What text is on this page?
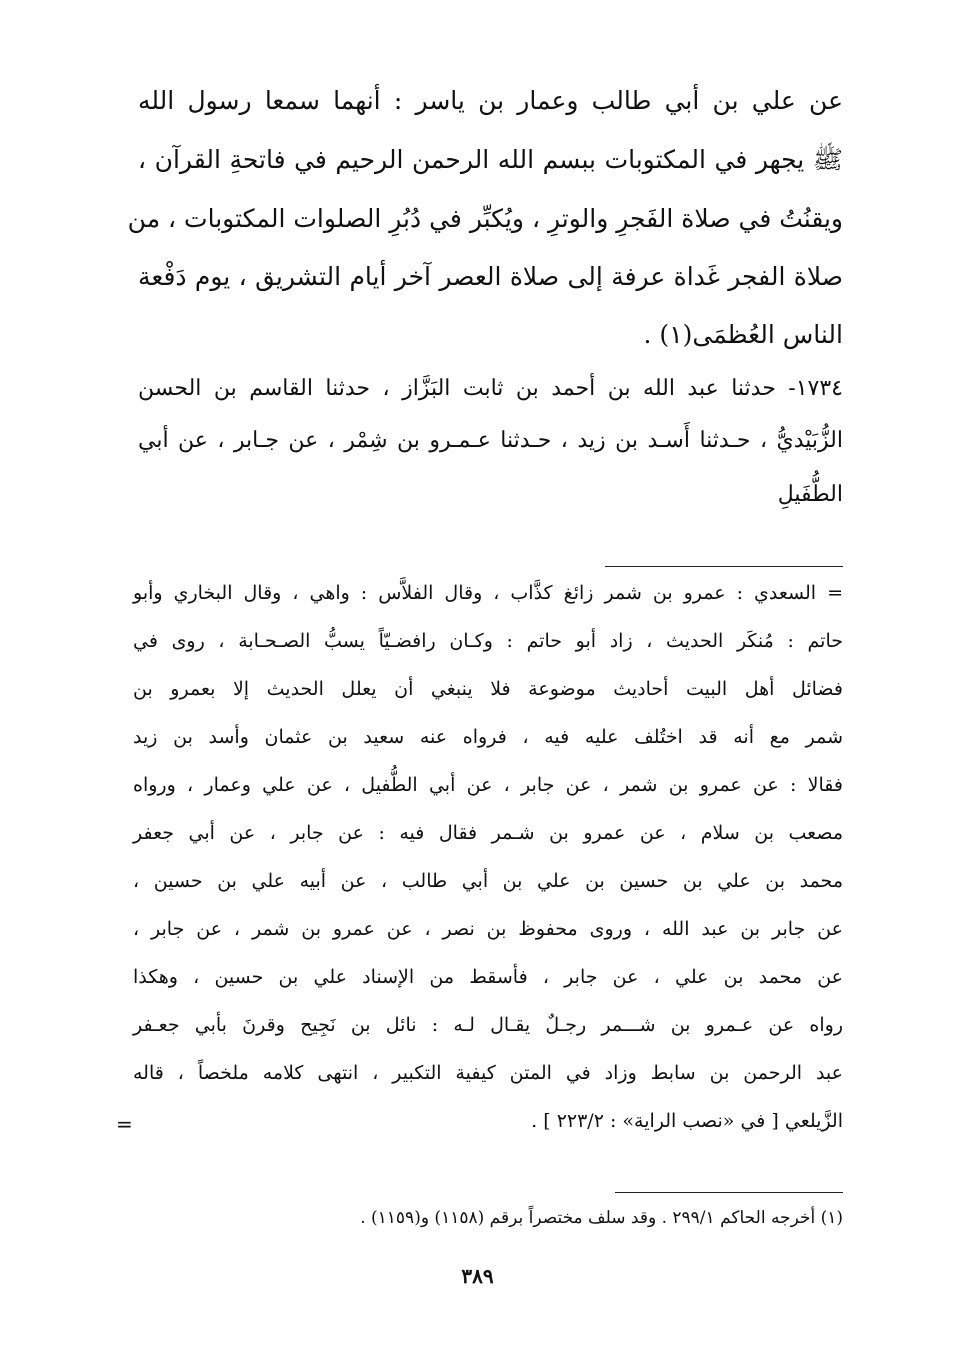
عن علي بن أبي طالب وعمار بن ياسر : أنهما سمعا رسول الله
ﷺ يجهر في المكتوبات ببسم الله الرحمن الرحيم في فاتحةِ القرآن ،
ويقنُتُ في صلاة الفَجرِ والوترِ ، ويُكبِّر في دُبُرِ الصلوات المكتوبات ، من
صلاة الفجر غَداة عرفة إلى صلاة العصر آخر أيام التشريق ، يوم دَفْعة
الناس العُظمَى(١) .
١٧٣٤- حدثنا عبد الله بن أحمد بن ثابت البَزَّاز ، حدثنا القاسم بن الحسن
الزُّبَيْديُّ ، حـدثنا أَسـد بن زيد ، حـدثنا عـمـرو بن شِمْر ، عن جـابر ، عن أبي
الطُّفَيلِ
= السعدي : عمرو بن شمر زائغ كذَّاب ، وقال الفلاَّس : واهي ، وقال البخاري وأبو
حاتم : مُنكَر الحديث ، زاد أبو حاتم : وكـان رافضـيّاً يسبُّ الصـحـابة ، روى في
فضائل أهل البيت أحاديث موضوعة فلا ينبغي أن يعلل الحديث إلا بعمرو بن
شمر مع أنه قد اختُلف عليه فيه ، فرواه عنه سعيد بن عثمان وأسد بن زيد
فقالا : عن عمرو بن شمر ، عن جابر ، عن أبي الطُّفيل ، عن علي وعمار ، ورواه
مصعب بن سلام ، عن عمرو بن شـمر فقال فيه : عن جابر ، عن أبي جعفر
محمد بن علي بن حسين بن علي بن أبي طالب ، عن أبيه علي بن حسين ،
عن جابر بن عبد الله ، وروى محفوظ بن نصر ، عن عمرو بن شمر ، عن جابر ،
عن محمد بن علي ، عن جابر ، فأسقط من الإسناد علي بن حسين ، وهكذا
رواه عن عـمرو بن شـــمر رجـلٌ يقـال لـه : نائل بن نَجِيح وقرنَ بأبي جعـفر
عبد الرحمن بن سابط وزاد في المتن كيفية التكبير ، انتهى كلامه ملخصاً ، قاله
الزَّيلعي [ في «نصب الراية» : ٢٢٣/٢ ] .
=
(١) أخرجه الحاكم ٢٩٩/١ . وقد سلف مختصراً برقم (١١٥٨) و(١١٥٩) .
٣٨٩
